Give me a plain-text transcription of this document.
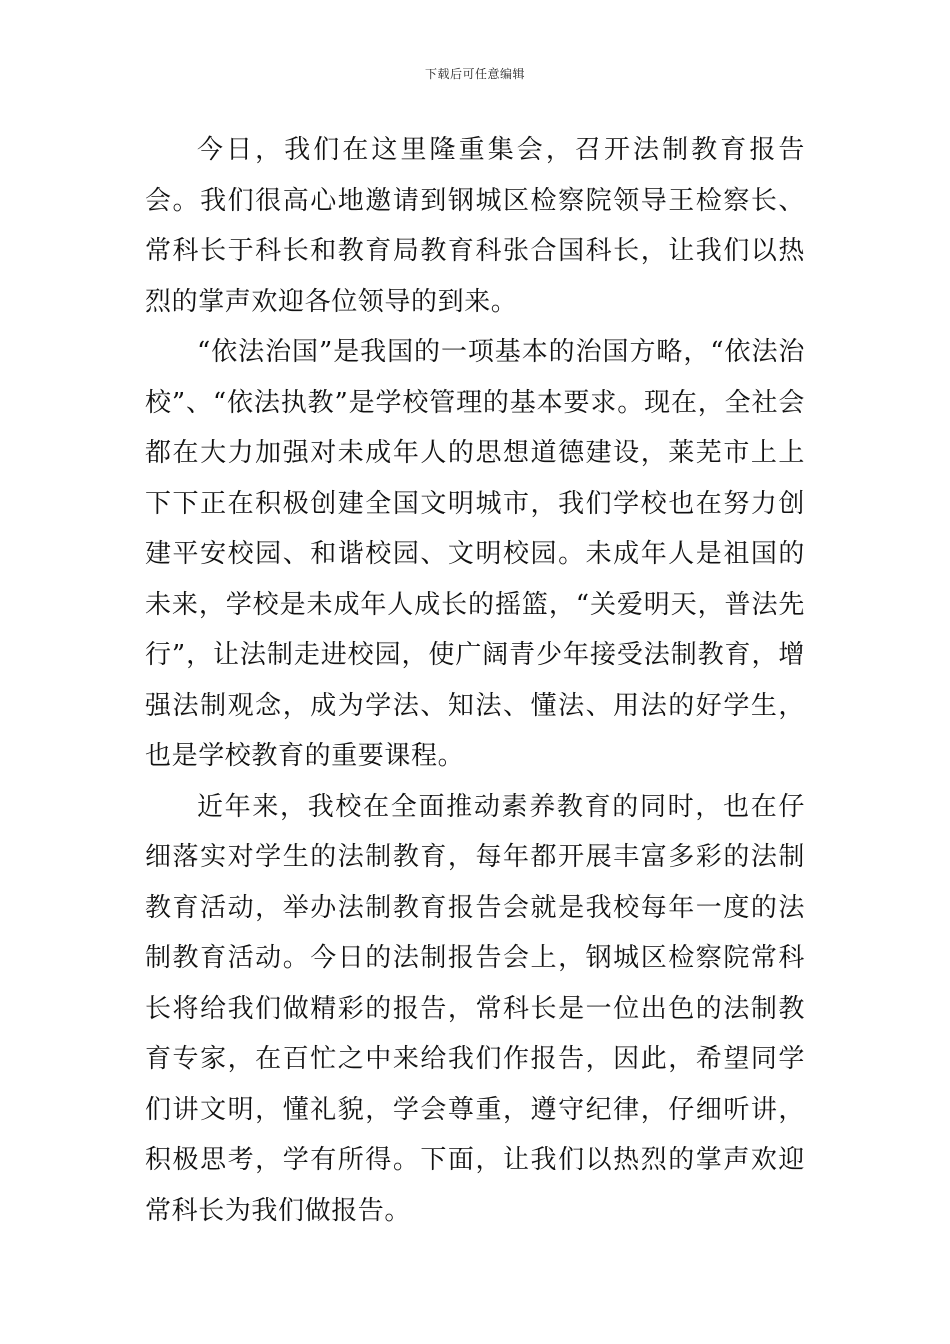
下载后可任意编辑

今日，我们在这里隆重集会，召开法制教育报告会。我们很高心地邀请到钢城区检察院领导王检察长、常科长于科长和教育局教育科张合国科长，让我们以热烈的掌声欢迎各位领导的到来。

“依法治国”是我国的一项基本的治国方略，“依法治校”、“依法执教”是学校管理的基本要求。现在，全社会都在大力加强对未成年人的思想道德建设，莱芜市上上下下正在积极创建全国文明城市，我们学校也在努力创建平安校园、和谐校园、文明校园。未成年人是祖国的未来，学校是未成年人成长的摇篮，“关爱明天，普法先行”，让法制走进校园，使广阔青少年接受法制教育，增强法制观念，成为学法、知法、懂法、用法的好学生，也是学校教育的重要课程。

近年来，我校在全面推动素养教育的同时，也在仔细落实对学生的法制教育，每年都开展丰富多彩的法制教育活动，举办法制教育报告会就是我校每年一度的法制教育活动。今日的法制报告会上，钢城区检察院常科长将给我们做精彩的报告，常科长是一位出色的法制教育专家，在百忙之中来给我们作报告，因此，希望同学们讲文明，懂礼貌，学会尊重，遵守纪律，仔细听讲，积极思考，学有所得。下面，让我们以热烈的掌声欢迎常科长为我们做报告。
